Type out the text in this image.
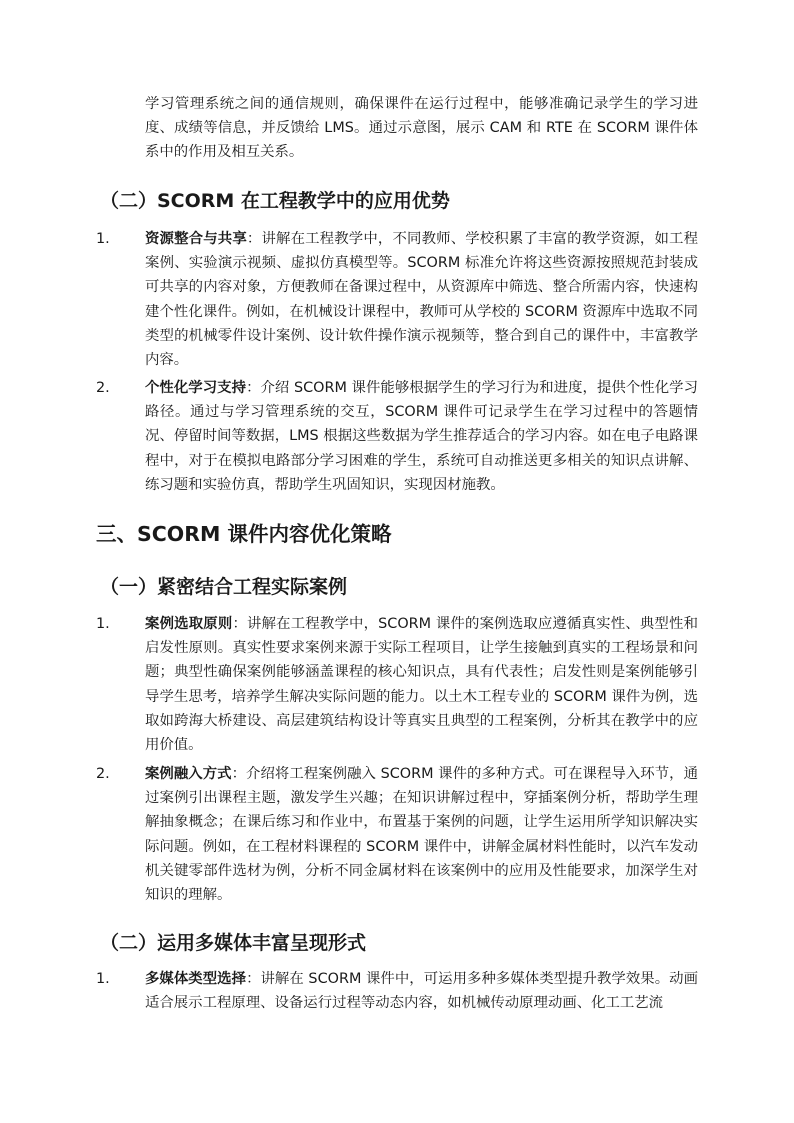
学习管理系统之间的通信规则，确保课件在运行过程中，能够准确记录学生的学习进度、成绩等信息，并反馈给 LMS。通过示意图，展示 CAM 和 RTE 在 SCORM 课件体系中的作用及相互关系。

（二）SCORM 在工程教学中的应用优势
1. 资源整合与共享：讲解在工程教学中，不同教师、学校积累了丰富的教学资源，如工程案例、实验演示视频、虚拟仿真模型等。SCORM 标准允许将这些资源按照规范封装成可共享的内容对象，方便教师在备课过程中，从资源库中筛选、整合所需内容，快速构建个性化课件。例如，在机械设计课程中，教师可从学校的 SCORM 资源库中选取不同类型的机械零件设计案例、设计软件操作演示视频等，整合到自己的课件中，丰富教学内容。
2. 个性化学习支持：介绍 SCORM 课件能够根据学生的学习行为和进度，提供个性化学习路径。通过与学习管理系统的交互，SCORM 课件可记录学生在学习过程中的答题情况、停留时间等数据，LMS 根据这些数据为学生推荐适合的学习内容。如在电子电路课程中，对于在模拟电路部分学习困难的学生，系统可自动推送更多相关的知识点讲解、练习题和实验仿真，帮助学生巩固知识，实现因材施教。
三、SCORM 课件内容优化策略
（一）紧密结合工程实际案例
1. 案例选取原则：讲解在工程教学中，SCORM 课件的案例选取应遵循真实性、典型性和启发性原则。真实性要求案例来源于实际工程项目，让学生接触到真实的工程场景和问题；典型性确保案例能够涵盖课程的核心知识点，具有代表性；启发性则是案例能够引导学生思考，培养学生解决实际问题的能力。以土木工程专业的 SCORM 课件为例，选取如跨海大桥建设、高层建筑结构设计等真实且典型的工程案例，分析其在教学中的应用价值。
2. 案例融入方式：介绍将工程案例融入 SCORM 课件的多种方式。可在课程导入环节，通过案例引出课程主题，激发学生兴趣；在知识讲解过程中，穿插案例分析，帮助学生理解抽象概念；在课后练习和作业中，布置基于案例的问题，让学生运用所学知识解决实际问题。例如，在工程材料课程的 SCORM 课件中，讲解金属材料性能时，以汽车发动机关键零部件选材为例，分析不同金属材料在该案例中的应用及性能要求，加深学生对知识的理解。
（二）运用多媒体丰富呈现形式
1. 多媒体类型选择：讲解在 SCORM 课件中，可运用多种多媒体类型提升教学效果。动画适合展示工程原理、设备运行过程等动态内容，如机械传动原理动画、化工工艺流
